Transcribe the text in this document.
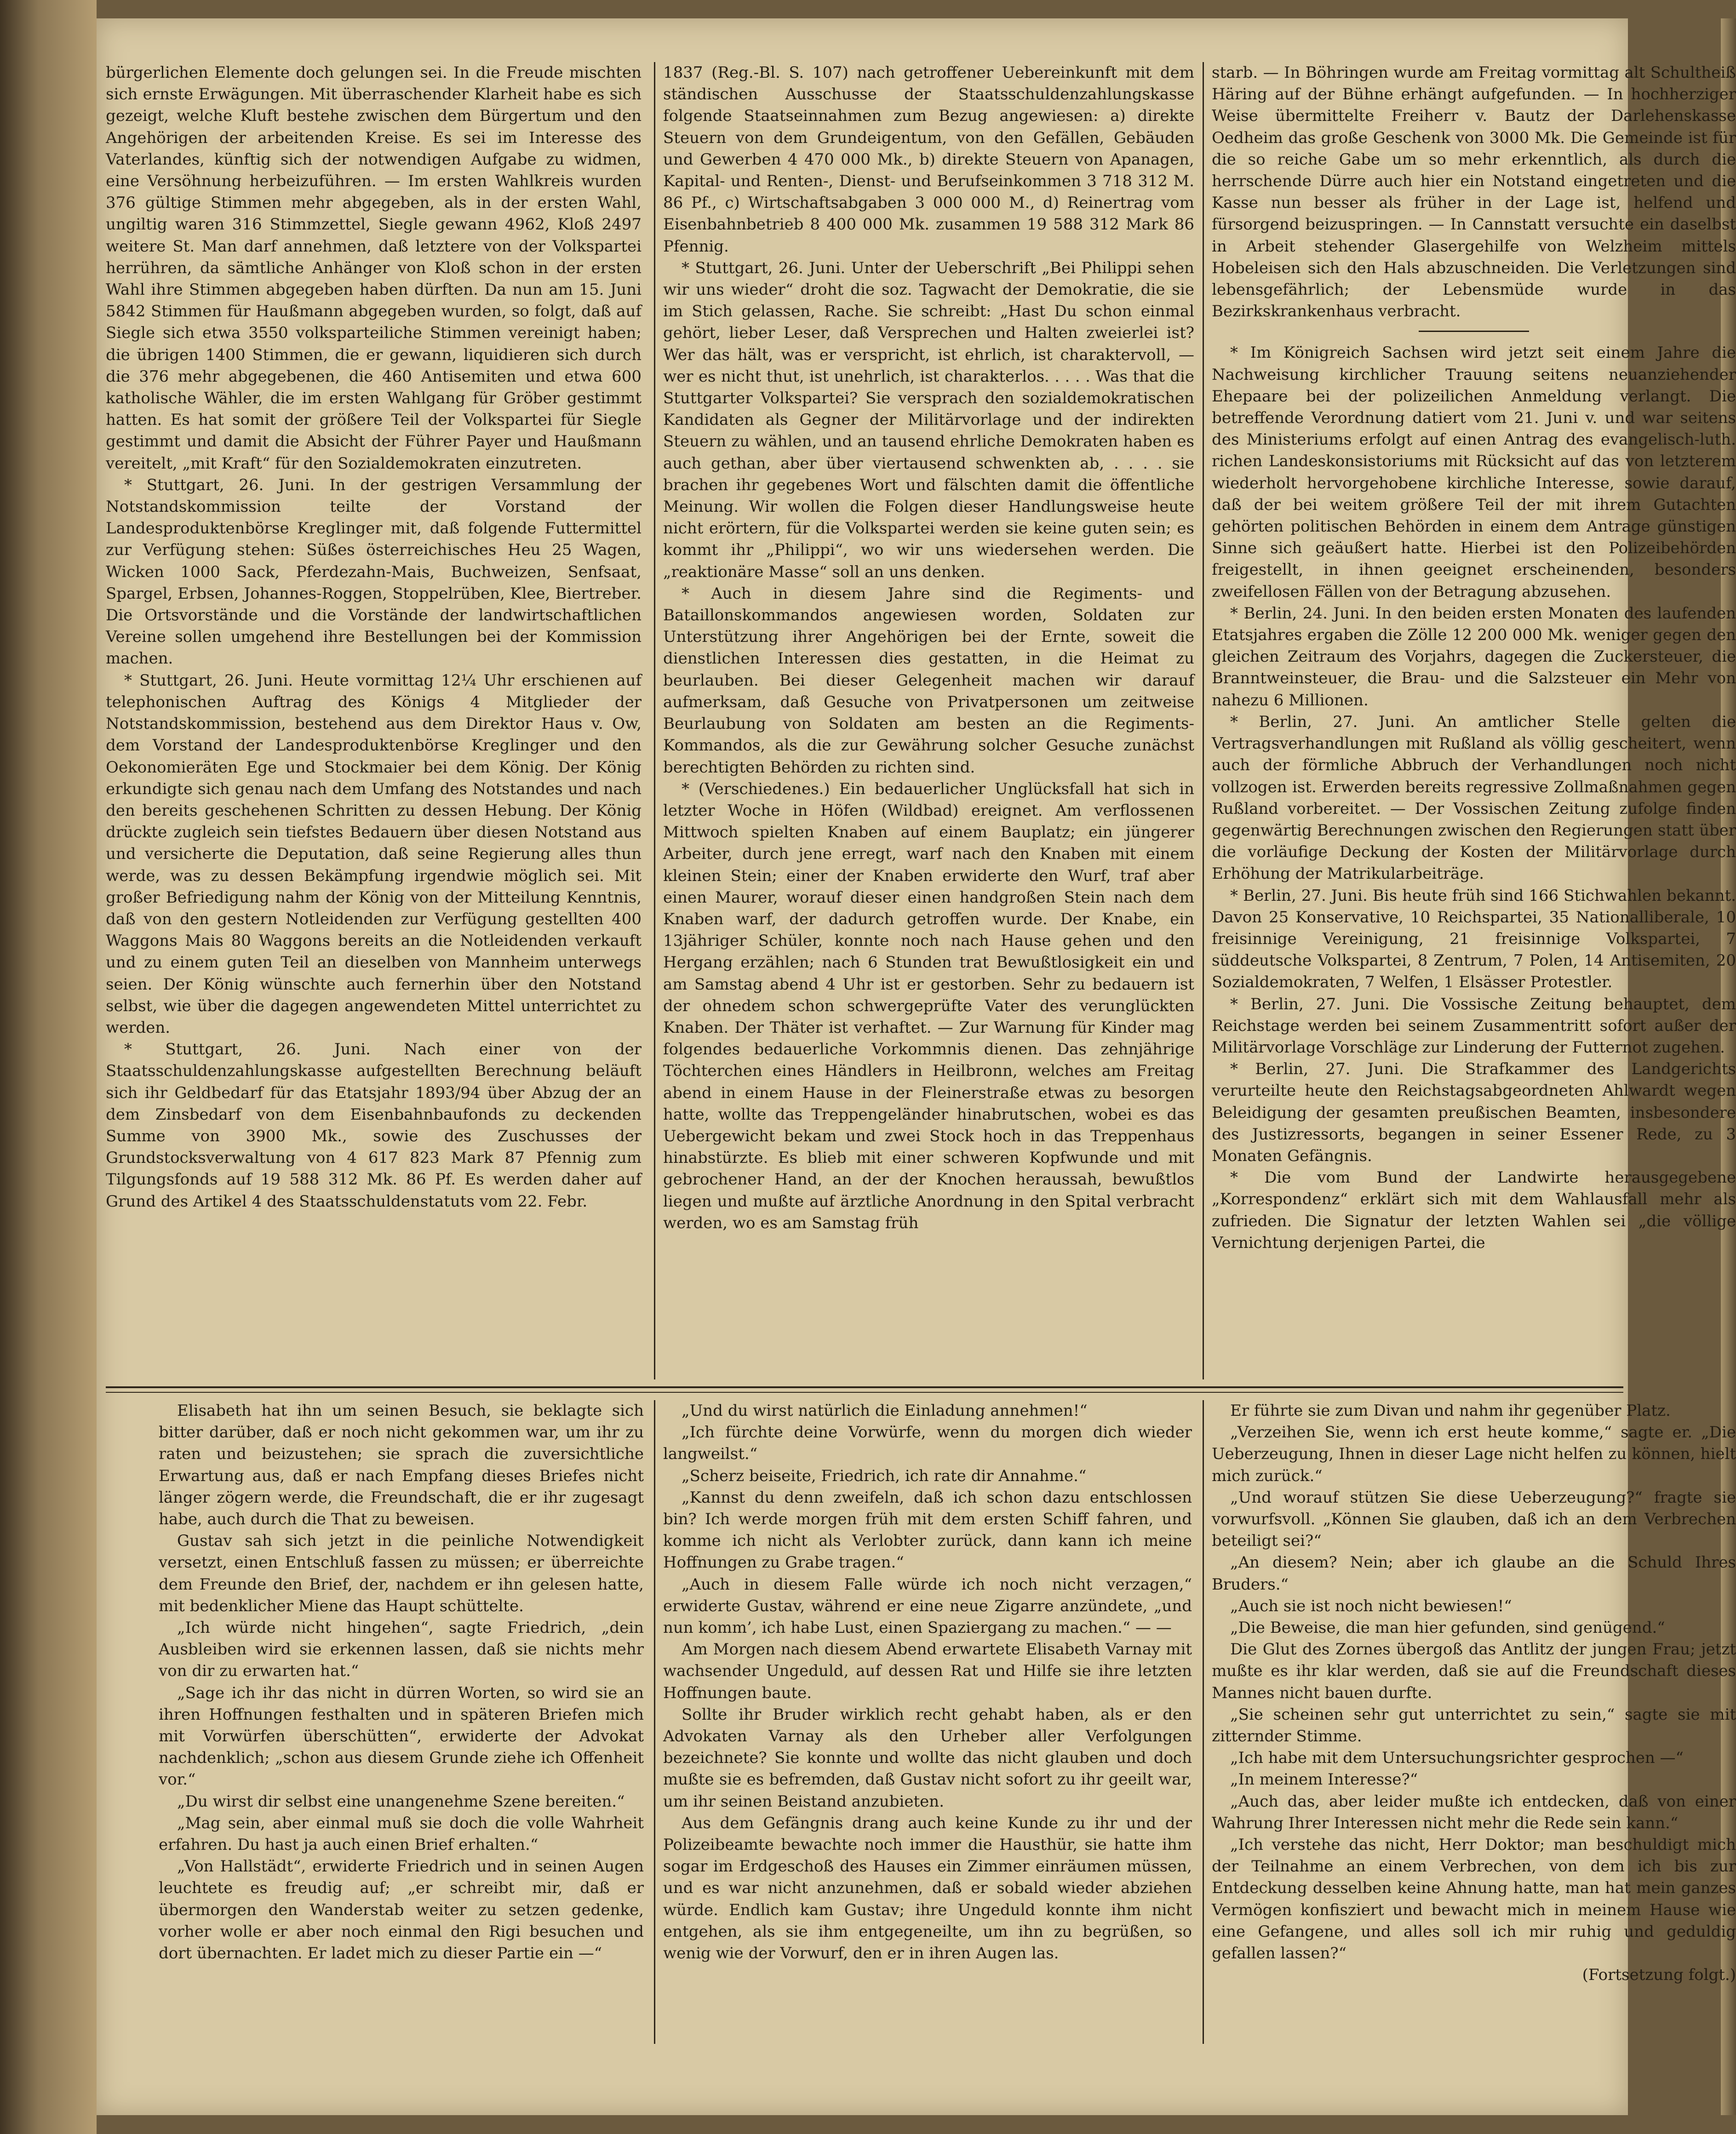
bürgerlichen Elemente doch gelungen sei. In die Freude mischten sich ernste Erwägungen. Mit überraschender Klarheit habe es sich gezeigt, welche Kluft bestehe zwischen dem Bürgertum und den Angehörigen der arbeitenden Kreise. Es sei im Interesse des Vaterlandes, künftig sich der notwendigen Aufgabe zu widmen, eine Versöhnung herbeizuführen. — Im ersten Wahlkreis wurden 376 gültige Stimmen mehr abgegeben, als in der ersten Wahl, ungiltig waren 316 Stimmzettel, Siegle gewann 4962, Kloß 2497 weitere St. Man darf annehmen, daß letztere von der Volkspartei herrühren, da sämtliche Anhänger von Kloß schon in der ersten Wahl ihre Stimmen abgegeben haben dürften. Da nun am 15. Juni 5842 Stimmen für Haußmann abgegeben wurden, so folgt, daß auf Siegle sich etwa 3550 volksparteiliche Stimmen vereinigt haben; die übrigen 1400 Stimmen, die er gewann, liquidieren sich durch die 376 mehr abgegebenen, die 460 Antisemiten und etwa 600 katholische Wähler, die im ersten Wahlgang für Gröber gestimmt hatten. Es hat somit der größere Teil der Volkspartei für Siegle gestimmt und damit die Absicht der Führer Payer und Haußmann vereitelt, „mit Kraft“ für den Sozialdemokraten einzutreten.

* Stuttgart, 26. Juni. In der gestrigen Versammlung der Notstandskommission teilte der Vorstand der Landesproduktenbörse Kreglinger mit, daß folgende Futtermittel zur Verfügung stehen: Süßes österreichisches Heu 25 Wagen, Wicken 1000 Sack, Pferdezahn-Mais, Buchweizen, Senfsaat, Spargel, Erbsen, Johannes-Roggen, Stoppelrüben, Klee, Biertreber. Die Ortsvorstände und die Vorstände der landwirtschaftlichen Vereine sollen umgehend ihre Bestellungen bei der Kommission machen.

* Stuttgart, 26. Juni. Heute vormittag 12¼ Uhr erschienen auf telephonischen Auftrag des Königs 4 Mitglieder der Notstandskommission, bestehend aus dem Direktor Haus v. Ow, dem Vorstand der Landesproduktenbörse Kreglinger und den Oekonomieräten Ege und Stockmaier bei dem König. Der König erkundigte sich genau nach dem Umfang des Notstandes und nach den bereits geschehenen Schritten zu dessen Hebung. Der König drückte zugleich sein tiefstes Bedauern über diesen Notstand aus und versicherte die Deputation, daß seine Regierung alles thun werde, was zu dessen Bekämpfung irgendwie möglich sei. Mit großer Befriedigung nahm der König von der Mitteilung Kenntnis, daß von den gestern Notleidenden zur Verfügung gestellten 400 Waggons Mais 80 Waggons bereits an die Notleidenden verkauft und zu einem guten Teil an dieselben von Mannheim unterwegs seien. Der König wünschte auch fernerhin über den Notstand selbst, wie über die dagegen angewendeten Mittel unterrichtet zu werden.

* Stuttgart, 26. Juni. Nach einer von der Staatsschuldenzahlungskasse aufgestellten Berechnung beläuft sich ihr Geldbedarf für das Etatsjahr 1893/94 über Abzug der an dem Zinsbedarf von dem Eisenbahnbaufonds zu deckenden Summe von 3900 Mk., sowie des Zuschusses der Grundstocksverwaltung von 4 617 823 Mark 87 Pfennig zum Tilgungsfonds auf 19 588 312 Mk. 86 Pf. Es werden daher auf Grund des Artikel 4 des Staatsschuldenstatuts vom 22. Febr.

1837 (Reg.-Bl. S. 107) nach getroffener Uebereinkunft mit dem ständischen Ausschusse der Staatsschuldenzahlungskasse folgende Staatseinnahmen zum Bezug angewiesen: a) direkte Steuern von dem Grundeigentum, von den Gefällen, Gebäuden und Gewerben 4 470 000 Mk., b) direkte Steuern von Apanagen, Kapital- und Renten-, Dienst- und Berufseinkommen 3 718 312 M. 86 Pf., c) Wirtschaftsabgaben 3 000 000 M., d) Reinertrag vom Eisenbahnbetrieb 8 400 000 Mk. zusammen 19 588 312 Mark 86 Pfennig.

* Stuttgart, 26. Juni. Unter der Ueberschrift „Bei Philippi sehen wir uns wieder“ droht die soz. Tagwacht der Demokratie, die sie im Stich gelassen, Rache. Sie schreibt: „Hast Du schon einmal gehört, lieber Leser, daß Versprechen und Halten zweierlei ist? Wer das hält, was er verspricht, ist ehrlich, ist charaktervoll, — wer es nicht thut, ist unehrlich, ist charakterlos. . . . . Was that die Stuttgarter Volkspartei? Sie versprach den sozialdemokratischen Kandidaten als Gegner der Militärvorlage und der indirekten Steuern zu wählen, und an tausend ehrliche Demokraten haben es auch gethan, aber über viertausend schwenkten ab, . . . . sie brachen ihr gegebenes Wort und fälschten damit die öffentliche Meinung. Wir wollen die Folgen dieser Handlungsweise heute nicht erörtern, für die Volkspartei werden sie keine guten sein; es kommt ihr „Philippi“, wo wir uns wiedersehen werden. Die „reaktionäre Masse“ soll an uns denken.

* Auch in diesem Jahre sind die Regiments- und Bataillonskommandos angewiesen worden, Soldaten zur Unterstützung ihrer Angehörigen bei der Ernte, soweit die dienstlichen Interessen dies gestatten, in die Heimat zu beurlauben. Bei dieser Gelegenheit machen wir darauf aufmerksam, daß Gesuche von Privatpersonen um zeitweise Beurlaubung von Soldaten am besten an die Regiments-Kommandos, als die zur Gewährung solcher Gesuche zunächst berechtigten Behörden zu richten sind.

* (Verschiedenes.) Ein bedauerlicher Unglücksfall hat sich in letzter Woche in Höfen (Wildbad) ereignet. Am verflossenen Mittwoch spielten Knaben auf einem Bauplatz; ein jüngerer Arbeiter, durch jene erregt, warf nach den Knaben mit einem kleinen Stein; einer der Knaben erwiderte den Wurf, traf aber einen Maurer, worauf dieser einen handgroßen Stein nach dem Knaben warf, der dadurch getroffen wurde. Der Knabe, ein 13jähriger Schüler, konnte noch nach Hause gehen und den Hergang erzählen; nach 6 Stunden trat Bewußtlosigkeit ein und am Samstag abend 4 Uhr ist er gestorben. Sehr zu bedauern ist der ohnedem schon schwergeprüfte Vater des verunglückten Knaben. Der Thäter ist verhaftet. — Zur Warnung für Kinder mag folgendes bedauerliche Vorkommnis dienen. Das zehnjährige Töchterchen eines Händlers in Heilbronn, welches am Freitag abend in einem Hause in der Fleinerstraße etwas zu besorgen hatte, wollte das Treppengeländer hinabrutschen, wobei es das Uebergewicht bekam und zwei Stock hoch in das Treppenhaus hinabstürzte. Es blieb mit einer schweren Kopfwunde und mit gebrochener Hand, an der der Knochen heraussah, bewußtlos liegen und mußte auf ärztliche Anordnung in den Spital verbracht werden, wo es am Samstag früh

starb. — In Böhringen wurde am Freitag vormittag alt Schultheiß Häring auf der Bühne erhängt aufgefunden. — In hochherziger Weise übermittelte Freiherr v. Bautz der Darlehenskasse Oedheim das große Geschenk von 3000 Mk. Die Gemeinde ist für die so reiche Gabe um so mehr erkenntlich, als durch die herrschende Dürre auch hier ein Notstand eingetreten und die Kasse nun besser als früher in der Lage ist, helfend und fürsorgend beizuspringen. — In Cannstatt versuchte ein daselbst in Arbeit stehender Glasergehilfe von Welzheim mittels Hobeleisen sich den Hals abzuschneiden. Die Verletzungen sind lebensgefährlich; der Lebensmüde wurde in das Bezirkskrankenhaus verbracht.

* Im Königreich Sachsen wird jetzt seit einem Jahre die Nachweisung kirchlicher Trauung seitens neuanziehender Ehepaare bei der polizeilichen Anmeldung verlangt. Die betreffende Verordnung datiert vom 21. Juni v. und war seitens des Ministeriums erfolgt auf einen Antrag des evangelisch-luth. richen Landeskonsistoriums mit Rücksicht auf das von letzterem wiederholt hervorgehobene kirchliche Interesse, sowie darauf, daß der bei weitem größere Teil der mit ihrem Gutachten gehörten politischen Behörden in einem dem Antrage günstigen Sinne sich geäußert hatte. Hierbei ist den Polizeibehörden freigestellt, in ihnen geeignet erscheinenden, besonders zweifellosen Fällen von der Betragung abzusehen.

* Berlin, 24. Juni. In den beiden ersten Monaten des laufenden Etatsjahres ergaben die Zölle 12 200 000 Mk. weniger gegen den gleichen Zeitraum des Vorjahrs, dagegen die Zuckersteuer, die Branntweinsteuer, die Brau- und die Salzsteuer ein Mehr von nahezu 6 Millionen.

* Berlin, 27. Juni. An amtlicher Stelle gelten die Vertragsverhandlungen mit Rußland als völlig gescheitert, wenn auch der förmliche Abbruch der Verhandlungen noch nicht vollzogen ist. Erwerden bereits regressive Zollmaßnahmen gegen Rußland vorbereitet. — Der Vossischen Zeitung zufolge finden gegenwärtig Berechnungen zwischen den Regierungen statt über die vorläufige Deckung der Kosten der Militärvorlage durch Erhöhung der Matrikularbeiträge.

* Berlin, 27. Juni. Bis heute früh sind 166 Stichwahlen bekannt. Davon 25 Konservative, 10 Reichspartei, 35 Nationalliberale, 10 freisinnige Vereinigung, 21 freisinnige Volkspartei, 7 süddeutsche Volkspartei, 8 Zentrum, 7 Polen, 14 Antisemiten, 20 Sozialdemokraten, 7 Welfen, 1 Elsässer Protestler.

* Berlin, 27. Juni. Die Vossische Zeitung behauptet, dem Reichstage werden bei seinem Zusammentritt sofort außer der Militärvorlage Vorschläge zur Linderung der Futternot zugehen.

* Berlin, 27. Juni. Die Strafkammer des Landgerichts verurteilte heute den Reichstagsabgeordneten Ahlwardt wegen Beleidigung der gesamten preußischen Beamten, insbesondere des Justizressorts, begangen in seiner Essener Rede, zu 3 Monaten Gefängnis.

* Die vom Bund der Landwirte herausgegebene „Korrespondenz“ erklärt sich mit dem Wahlausfall mehr als zufrieden. Die Signatur der letzten Wahlen sei „die völlige Vernichtung derjenigen Partei, die

Elisabeth hat ihn um seinen Besuch, sie beklagte sich bitter darüber, daß er noch nicht gekommen war, um ihr zu raten und beizustehen; sie sprach die zuversichtliche Erwartung aus, daß er nach Empfang dieses Briefes nicht länger zögern werde, die Freundschaft, die er ihr zugesagt habe, auch durch die That zu beweisen.

Gustav sah sich jetzt in die peinliche Notwendigkeit versetzt, einen Entschluß fassen zu müssen; er überreichte dem Freunde den Brief, der, nachdem er ihn gelesen hatte, mit bedenklicher Miene das Haupt schüttelte.

„Ich würde nicht hingehen“, sagte Friedrich, „dein Ausbleiben wird sie erkennen lassen, daß sie nichts mehr von dir zu erwarten hat.“

„Sage ich ihr das nicht in dürren Worten, so wird sie an ihren Hoffnungen festhalten und in späteren Briefen mich mit Vorwürfen überschütten“, erwiderte der Advokat nachdenklich; „schon aus diesem Grunde ziehe ich Offenheit vor.“

„Du wirst dir selbst eine unangenehme Szene bereiten.“

„Mag sein, aber einmal muß sie doch die volle Wahrheit erfahren. Du hast ja auch einen Brief erhalten.“

„Von Hallstädt“, erwiderte Friedrich und in seinen Augen leuchtete es freudig auf; „er schreibt mir, daß er übermorgen den Wanderstab weiter zu setzen gedenke, vorher wolle er aber noch einmal den Rigi besuchen und dort übernachten. Er ladet mich zu dieser Partie ein —“

„Und du wirst natürlich die Einladung annehmen!“

„Ich fürchte deine Vorwürfe, wenn du morgen dich wieder langweilst.“

„Scherz beiseite, Friedrich, ich rate dir Annahme.“

„Kannst du denn zweifeln, daß ich schon dazu entschlossen bin? Ich werde morgen früh mit dem ersten Schiff fahren, und komme ich nicht als Verlobter zurück, dann kann ich meine Hoffnungen zu Grabe tragen.“

„Auch in diesem Falle würde ich noch nicht verzagen,“ erwiderte Gustav, während er eine neue Zigarre anzündete, „und nun komm’, ich habe Lust, einen Spaziergang zu machen.“ — —

Am Morgen nach diesem Abend erwartete Elisabeth Varnay mit wachsender Ungeduld, auf dessen Rat und Hilfe sie ihre letzten Hoffnungen baute.

Sollte ihr Bruder wirklich recht gehabt haben, als er den Advokaten Varnay als den Urheber aller Verfolgungen bezeichnete? Sie konnte und wollte das nicht glauben und doch mußte sie es befremden, daß Gustav nicht sofort zu ihr geeilt war, um ihr seinen Beistand anzubieten.

Aus dem Gefängnis drang auch keine Kunde zu ihr und der Polizeibeamte bewachte noch immer die Hausthür, sie hatte ihm sogar im Erdgeschoß des Hauses ein Zimmer einräumen müssen, und es war nicht anzunehmen, daß er sobald wieder abziehen würde. Endlich kam Gustav; ihre Ungeduld konnte ihm nicht entgehen, als sie ihm entgegeneilte, um ihn zu begrüßen, so wenig wie der Vorwurf, den er in ihren Augen las.

Er führte sie zum Divan und nahm ihr gegenüber Platz.

„Verzeihen Sie, wenn ich erst heute komme,“ sagte er. „Die Ueberzeugung, Ihnen in dieser Lage nicht helfen zu können, hielt mich zurück.“

„Und worauf stützen Sie diese Ueberzeugung?“ fragte sie vorwurfsvoll. „Können Sie glauben, daß ich an dem Verbrechen beteiligt sei?“

„An diesem? Nein; aber ich glaube an die Schuld Ihres Bruders.“

„Auch sie ist noch nicht bewiesen!“

„Die Beweise, die man hier gefunden, sind genügend.“

Die Glut des Zornes übergoß das Antlitz der jungen Frau; jetzt mußte es ihr klar werden, daß sie auf die Freundschaft dieses Mannes nicht bauen durfte.

„Sie scheinen sehr gut unterrichtet zu sein,“ sagte sie mit zitternder Stimme.

„Ich habe mit dem Untersuchungsrichter gesprochen —“

„In meinem Interesse?“

„Auch das, aber leider mußte ich entdecken, daß von einer Wahrung Ihrer Interessen nicht mehr die Rede sein kann.“

„Ich verstehe das nicht, Herr Doktor; man beschuldigt mich der Teilnahme an einem Verbrechen, von dem ich bis zur Entdeckung desselben keine Ahnung hatte, man hat mein ganzes Vermögen konfisziert und bewacht mich in meinem Hause wie eine Gefangene, und alles soll ich mir ruhig und geduldig gefallen lassen?“

(Fortsetzung folgt.)
